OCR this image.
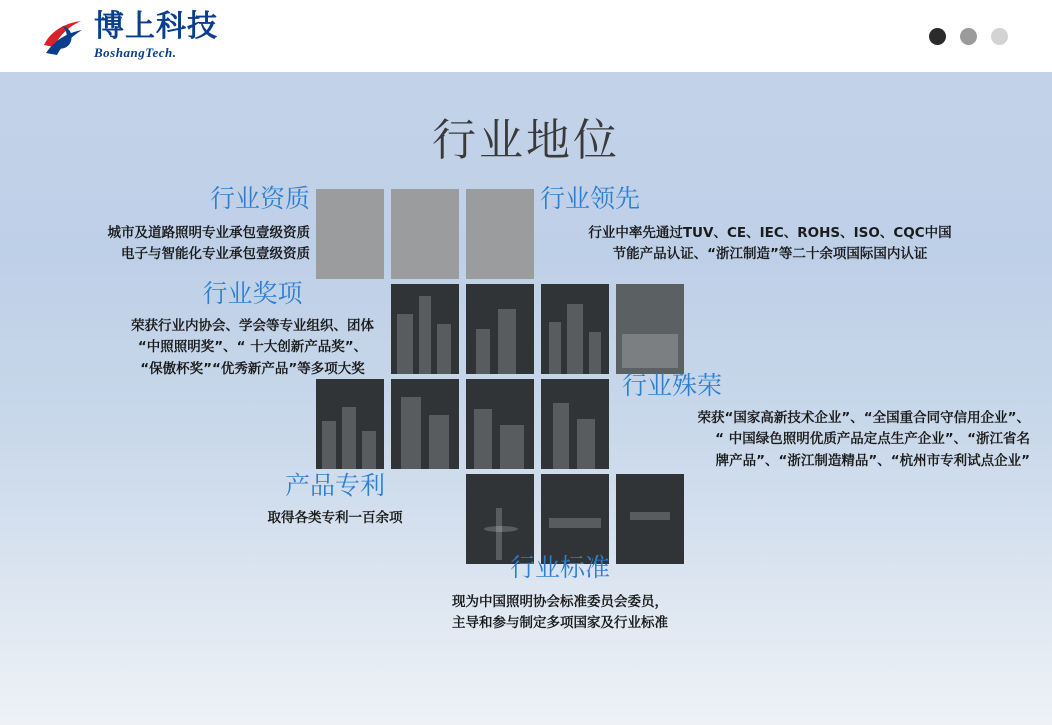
博上科技
BoshangTech.
行业地位
行业资质
城市及道路照明专业承包壹级资质
电子与智能化专业承包壹级资质
行业领先
行业中率先通过TUV、CE、IEC、ROHS、ISO、CQC中国
节能产品认证、“浙江制造”等二十余项国际国内认证
行业奖项
荣获行业内协会、学会等专业组织、团体
“中照照明奖”、“ 十大创新产品奖”、
“保傲杯奖”“优秀新产品”等多项大奖
行业殊荣
荣获“国家高新技术企业”、“全国重合同守信用企业”、
“ 中国绿色照明优质产品定点生产企业”、“浙江省名
牌产品”、“浙江制造精品”、“杭州市专利试点企业”
产品专利
取得各类专利一百余项
行业标准
现为中国照明协会标准委员会委员，
主导和参与制定多项国家及行业标准
